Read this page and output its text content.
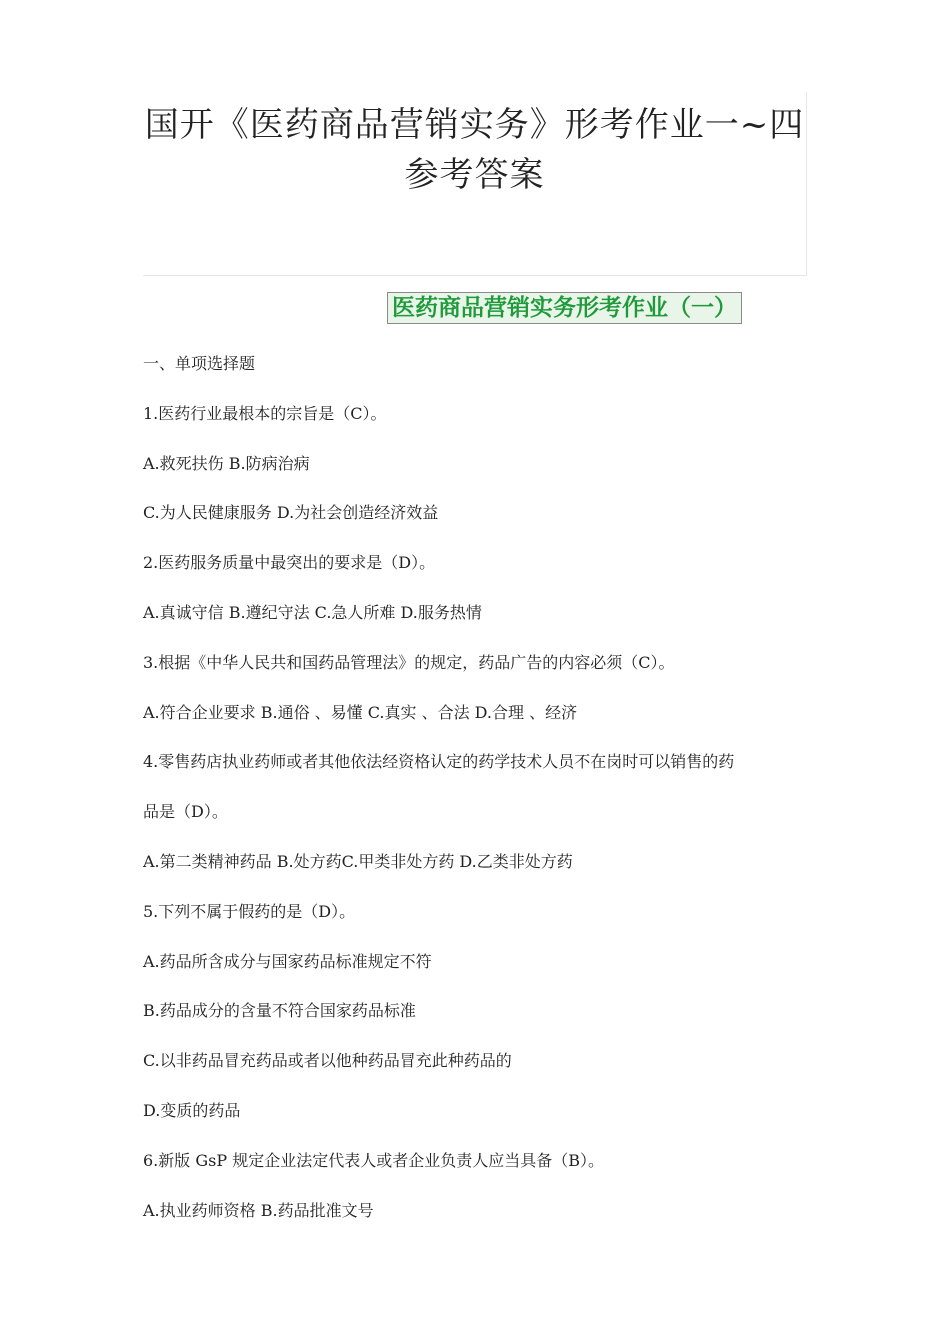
国开《医药商品营销实务》形考作业一~四
参考答案
医药商品营销实务形考作业（一）

一、单项选择题

1.医药行业最根本的宗旨是（C）。

A.救死扶伤 B.防病治病

C.为人民健康服务 D.为社会创造经济效益

2.医药服务质量中最突出的要求是（D）。

A.真诚守信 B.遵纪守法 C.急人所难 D.服务热情

3.根据《中华人民共和国药品管理法》的规定，药品广告的内容必须（C）。

A.符合企业要求 B.通俗 、易懂 C.真实 、合法 D.合理 、经济

4.零售药店执业药师或者其他依法经资格认定的药学技术人员不在岗时可以销售的药

品是（D）。

A.第二类精神药品 B.处方药C.甲类非处方药 D.乙类非处方药

5.下列不属于假药的是（D）。

A.药品所含成分与国家药品标准规定不符

B.药品成分的含量不符合国家药品标准

C.以非药品冒充药品或者以他种药品冒充此种药品的

D.变质的药品

6.新版 GsP 规定企业法定代表人或者企业负责人应当具备（B）。

A.执业药师资格 B.药品批准文号
